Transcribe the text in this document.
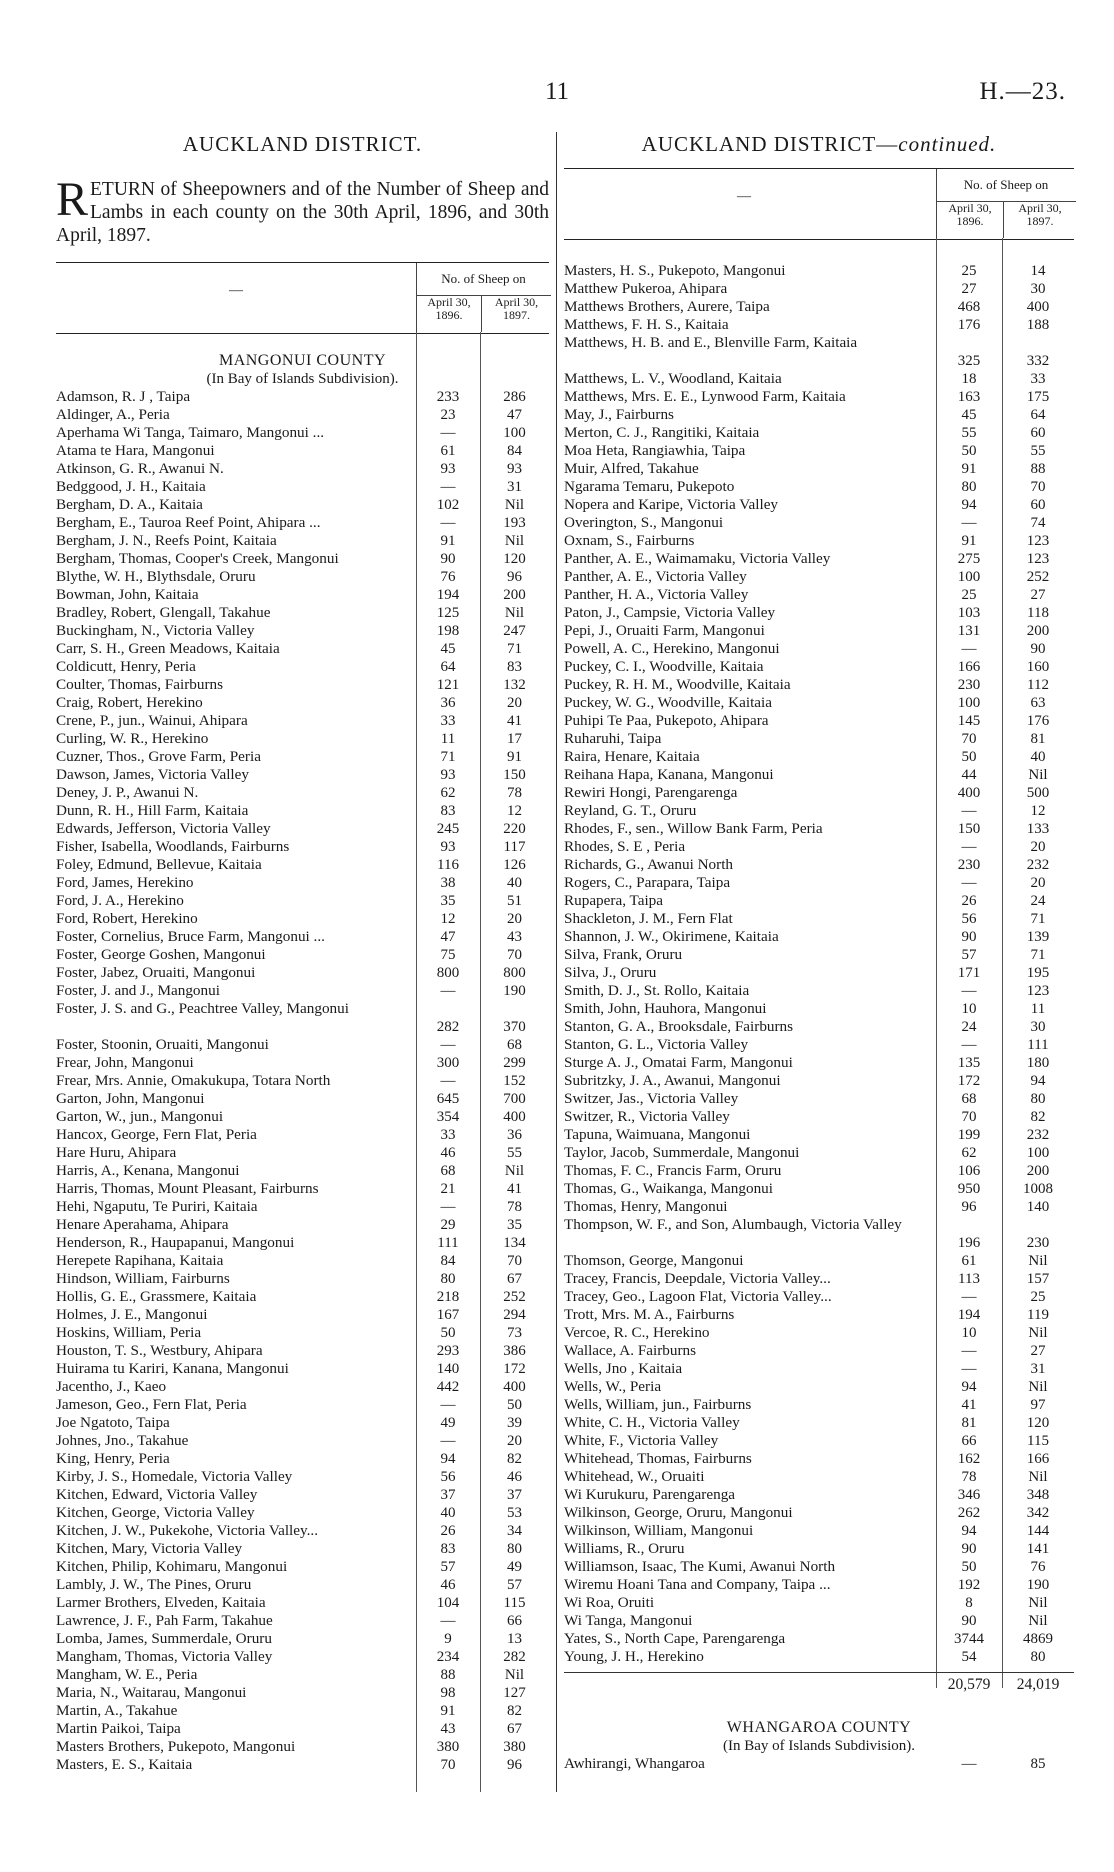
11	H.—23.
AUCKLAND DISTRICT.
RETURN of Sheepowners and of the Number of Sheep and Lambs in each county on the 30th April, 1896, and 30th April, 1897.
—
No. of Sheep on
April 30, 1896.
April 30, 1897.
MANGONUI COUNTY
(In Bay of Islands Subdivision).
Adamson, R. J , Taipa	233	286
Aldinger, A., Peria	23	47
Aperhama Wi Tanga, Taimaro, Mangonui ...	—	100
Atama te Hara, Mangonui	61	84
Atkinson, G. R., Awanui N.	93	93
Bedggood, J. H., Kaitaia	—	31
Bergham, D. A., Kaitaia	102	Nil
Bergham, E., Tauroa Reef Point, Ahipara ...	—	193
Bergham, J. N., Reefs Point, Kaitaia	91	Nil
Bergham, Thomas, Cooper's Creek, Mangonui	90	120
Blythe, W. H., Blythsdale, Oruru	76	96
Bowman, John, Kaitaia	194	200
Bradley, Robert, Glengall, Takahue	125	Nil
Buckingham, N., Victoria Valley	198	247
Carr, S. H., Green Meadows, Kaitaia	45	71
Coldicutt, Henry, Peria	64	83
Coulter, Thomas, Fairburns	121	132
Craig, Robert, Herekino	36	20
Crene, P., jun., Wainui, Ahipara	33	41
Curling, W. R., Herekino	11	17
Cuzner, Thos., Grove Farm, Peria	71	91
Dawson, James, Victoria Valley	93	150
Deney, J. P., Awanui N.	62	78
Dunn, R. H., Hill Farm, Kaitaia	83	12
Edwards, Jefferson, Victoria Valley	245	220
Fisher, Isabella, Woodlands, Fairburns	93	117
Foley, Edmund, Bellevue, Kaitaia	116	126
Ford, James, Herekino	38	40
Ford, J. A., Herekino	35	51
Ford, Robert, Herekino	12	20
Foster, Cornelius, Bruce Farm, Mangonui ...	47	43
Foster, George Goshen, Mangonui	75	70
Foster, Jabez, Oruaiti, Mangonui	800	800
Foster, J. and J., Mangonui	—	190
Foster, J. S. and G., Peachtree Valley, Mangonui
282	370
Foster, Stoonin, Oruaiti, Mangonui	—	68
Frear, John, Mangonui	300	299
Frear, Mrs. Annie, Omakukupa, Totara North	—	152
Garton, John, Mangonui	645	700
Garton, W., jun., Mangonui	354	400
Hancox, George, Fern Flat, Peria	33	36
Hare Huru, Ahipara	46	55
Harris, A., Kenana, Mangonui	68	Nil
Harris, Thomas, Mount Pleasant, Fairburns	21	41
Hehi, Ngaputu, Te Puriri, Kaitaia	—	78
Henare Aperahama, Ahipara	29	35
Henderson, R., Haupapanui, Mangonui	111	134
Herepete Rapihana, Kaitaia	84	70
Hindson, William, Fairburns	80	67
Hollis, G. E., Grassmere, Kaitaia	218	252
Holmes, J. E., Mangonui	167	294
Hoskins, William, Peria	50	73
Houston, T. S., Westbury, Ahipara	293	386
Huirama tu Kariri, Kanana, Mangonui	140	172
Jacentho, J., Kaeo	442	400
Jameson, Geo., Fern Flat, Peria	—	50
Joe Ngatoto, Taipa	49	39
Johnes, Jno., Takahue	—	20
King, Henry, Peria	94	82
Kirby, J. S., Homedale, Victoria Valley	56	46
Kitchen, Edward, Victoria Valley	37	37
Kitchen, George, Victoria Valley	40	53
Kitchen, J. W., Pukekohe, Victoria Valley...	26	34
Kitchen, Mary, Victoria Valley	83	80
Kitchen, Philip, Kohimaru, Mangonui	57	49
Lambly, J. W., The Pines, Oruru	46	57
Larmer Brothers, Elveden, Kaitaia	104	115
Lawrence, J. F., Pah Farm, Takahue	—	66
Lomba, James, Summerdale, Oruru	9	13
Mangham, Thomas, Victoria Valley	234	282
Mangham, W. E., Peria	88	Nil
Maria, N., Waitarau, Mangonui	98	127
Martin, A., Takahue	91	82
Martin Paikoi, Taipa	43	67
Masters Brothers, Pukepoto, Mangonui	380	380
Masters, E. S., Kaitaia	70	96
AUCKLAND DISTRICT—continued.
—
No. of Sheep on
April 30, 1896.
April 30, 1897.
Masters, H. S., Pukepoto, Mangonui	25	14
Matthew Pukeroa, Ahipara	27	30
Matthews Brothers, Aurere, Taipa	468	400
Matthews, F. H. S., Kaitaia	176	188
Matthews, H. B. and E., Blenville Farm, Kaitaia
325	332
Matthews, L. V., Woodland, Kaitaia	18	33
Matthews, Mrs. E. E., Lynwood Farm, Kaitaia	163	175
May, J., Fairburns	45	64
Merton, C. J., Rangitiki, Kaitaia	55	60
Moa Heta, Rangiawhia, Taipa	50	55
Muir, Alfred, Takahue	91	88
Ngarama Temaru, Pukepoto	80	70
Nopera and Karipe, Victoria Valley	94	60
Overington, S., Mangonui	—	74
Oxnam, S., Fairburns	91	123
Panther, A. E., Waimamaku, Victoria Valley	275	123
Panther, A. E., Victoria Valley	100	252
Panther, H. A., Victoria Valley	25	27
Paton, J., Campsie, Victoria Valley	103	118
Pepi, J., Oruaiti Farm, Mangonui	131	200
Powell, A. C., Herekino, Mangonui	—	90
Puckey, C. I., Woodville, Kaitaia	166	160
Puckey, R. H. M., Woodville, Kaitaia	230	112
Puckey, W. G., Woodville, Kaitaia	100	63
Puhipi Te Paa, Pukepoto, Ahipara	145	176
Ruharuhi, Taipa	70	81
Raira, Henare, Kaitaia	50	40
Reihana Hapa, Kanana, Mangonui	44	Nil
Rewiri Hongi, Parengarenga	400	500
Reyland, G. T., Oruru	—	12
Rhodes, F., sen., Willow Bank Farm, Peria	150	133
Rhodes, S. E , Peria	—	20
Richards, G., Awanui North	230	232
Rogers, C., Parapara, Taipa	—	20
Rupapera, Taipa	26	24
Shackleton, J. M., Fern Flat	56	71
Shannon, J. W., Okirimene, Kaitaia	90	139
Silva, Frank, Oruru	57	71
Silva, J., Oruru	171	195
Smith, D. J., St. Rollo, Kaitaia	—	123
Smith, John, Hauhora, Mangonui	10	11
Stanton, G. A., Brooksdale, Fairburns	24	30
Stanton, G. L., Victoria Valley	—	111
Sturge A. J., Omatai Farm, Mangonui	135	180
Subritzky, J. A., Awanui, Mangonui	172	94
Switzer, Jas., Victoria Valley	68	80
Switzer, R., Victoria Valley	70	82
Tapuna, Waimuana, Mangonui	199	232
Taylor, Jacob, Summerdale, Mangonui	62	100
Thomas, F. C., Francis Farm, Oruru	106	200
Thomas, G., Waikanga, Mangonui	950	1008
Thomas, Henry, Mangonui	96	140
Thompson, W. F., and Son, Alumbaugh, Victoria Valley
196	230
Thomson, George, Mangonui	61	Nil
Tracey, Francis, Deepdale, Victoria Valley...	113	157
Tracey, Geo., Lagoon Flat, Victoria Valley...	—	25
Trott, Mrs. M. A., Fairburns	194	119
Vercoe, R. C., Herekino	10	Nil
Wallace, A. Fairburns	—	27
Wells, Jno , Kaitaia	—	31
Wells, W., Peria	94	Nil
Wells, William, jun., Fairburns	41	97
White, C. H., Victoria Valley	81	120
White, F., Victoria Valley	66	115
Whitehead, Thomas, Fairburns	162	166
Whitehead, W., Oruaiti	78	Nil
Wi Kurukuru, Parengarenga	346	348
Wilkinson, George, Oruru, Mangonui	262	342
Wilkinson, William, Mangonui	94	144
Williams, R., Oruru	90	141
Williamson, Isaac, The Kumi, Awanui North	50	76
Wiremu Hoani Tana and Company, Taipa ...	192	190
Wi Roa, Oruiti	8	Nil
Wi Tanga, Mangonui	90	Nil
Yates, S., North Cape, Parengarenga	3744	4869
Young, J. H., Herekino	54	80
20,579	24,019
WHANGAROA COUNTY
(In Bay of Islands Subdivision).
Awhirangi, Whangaroa	—	85
